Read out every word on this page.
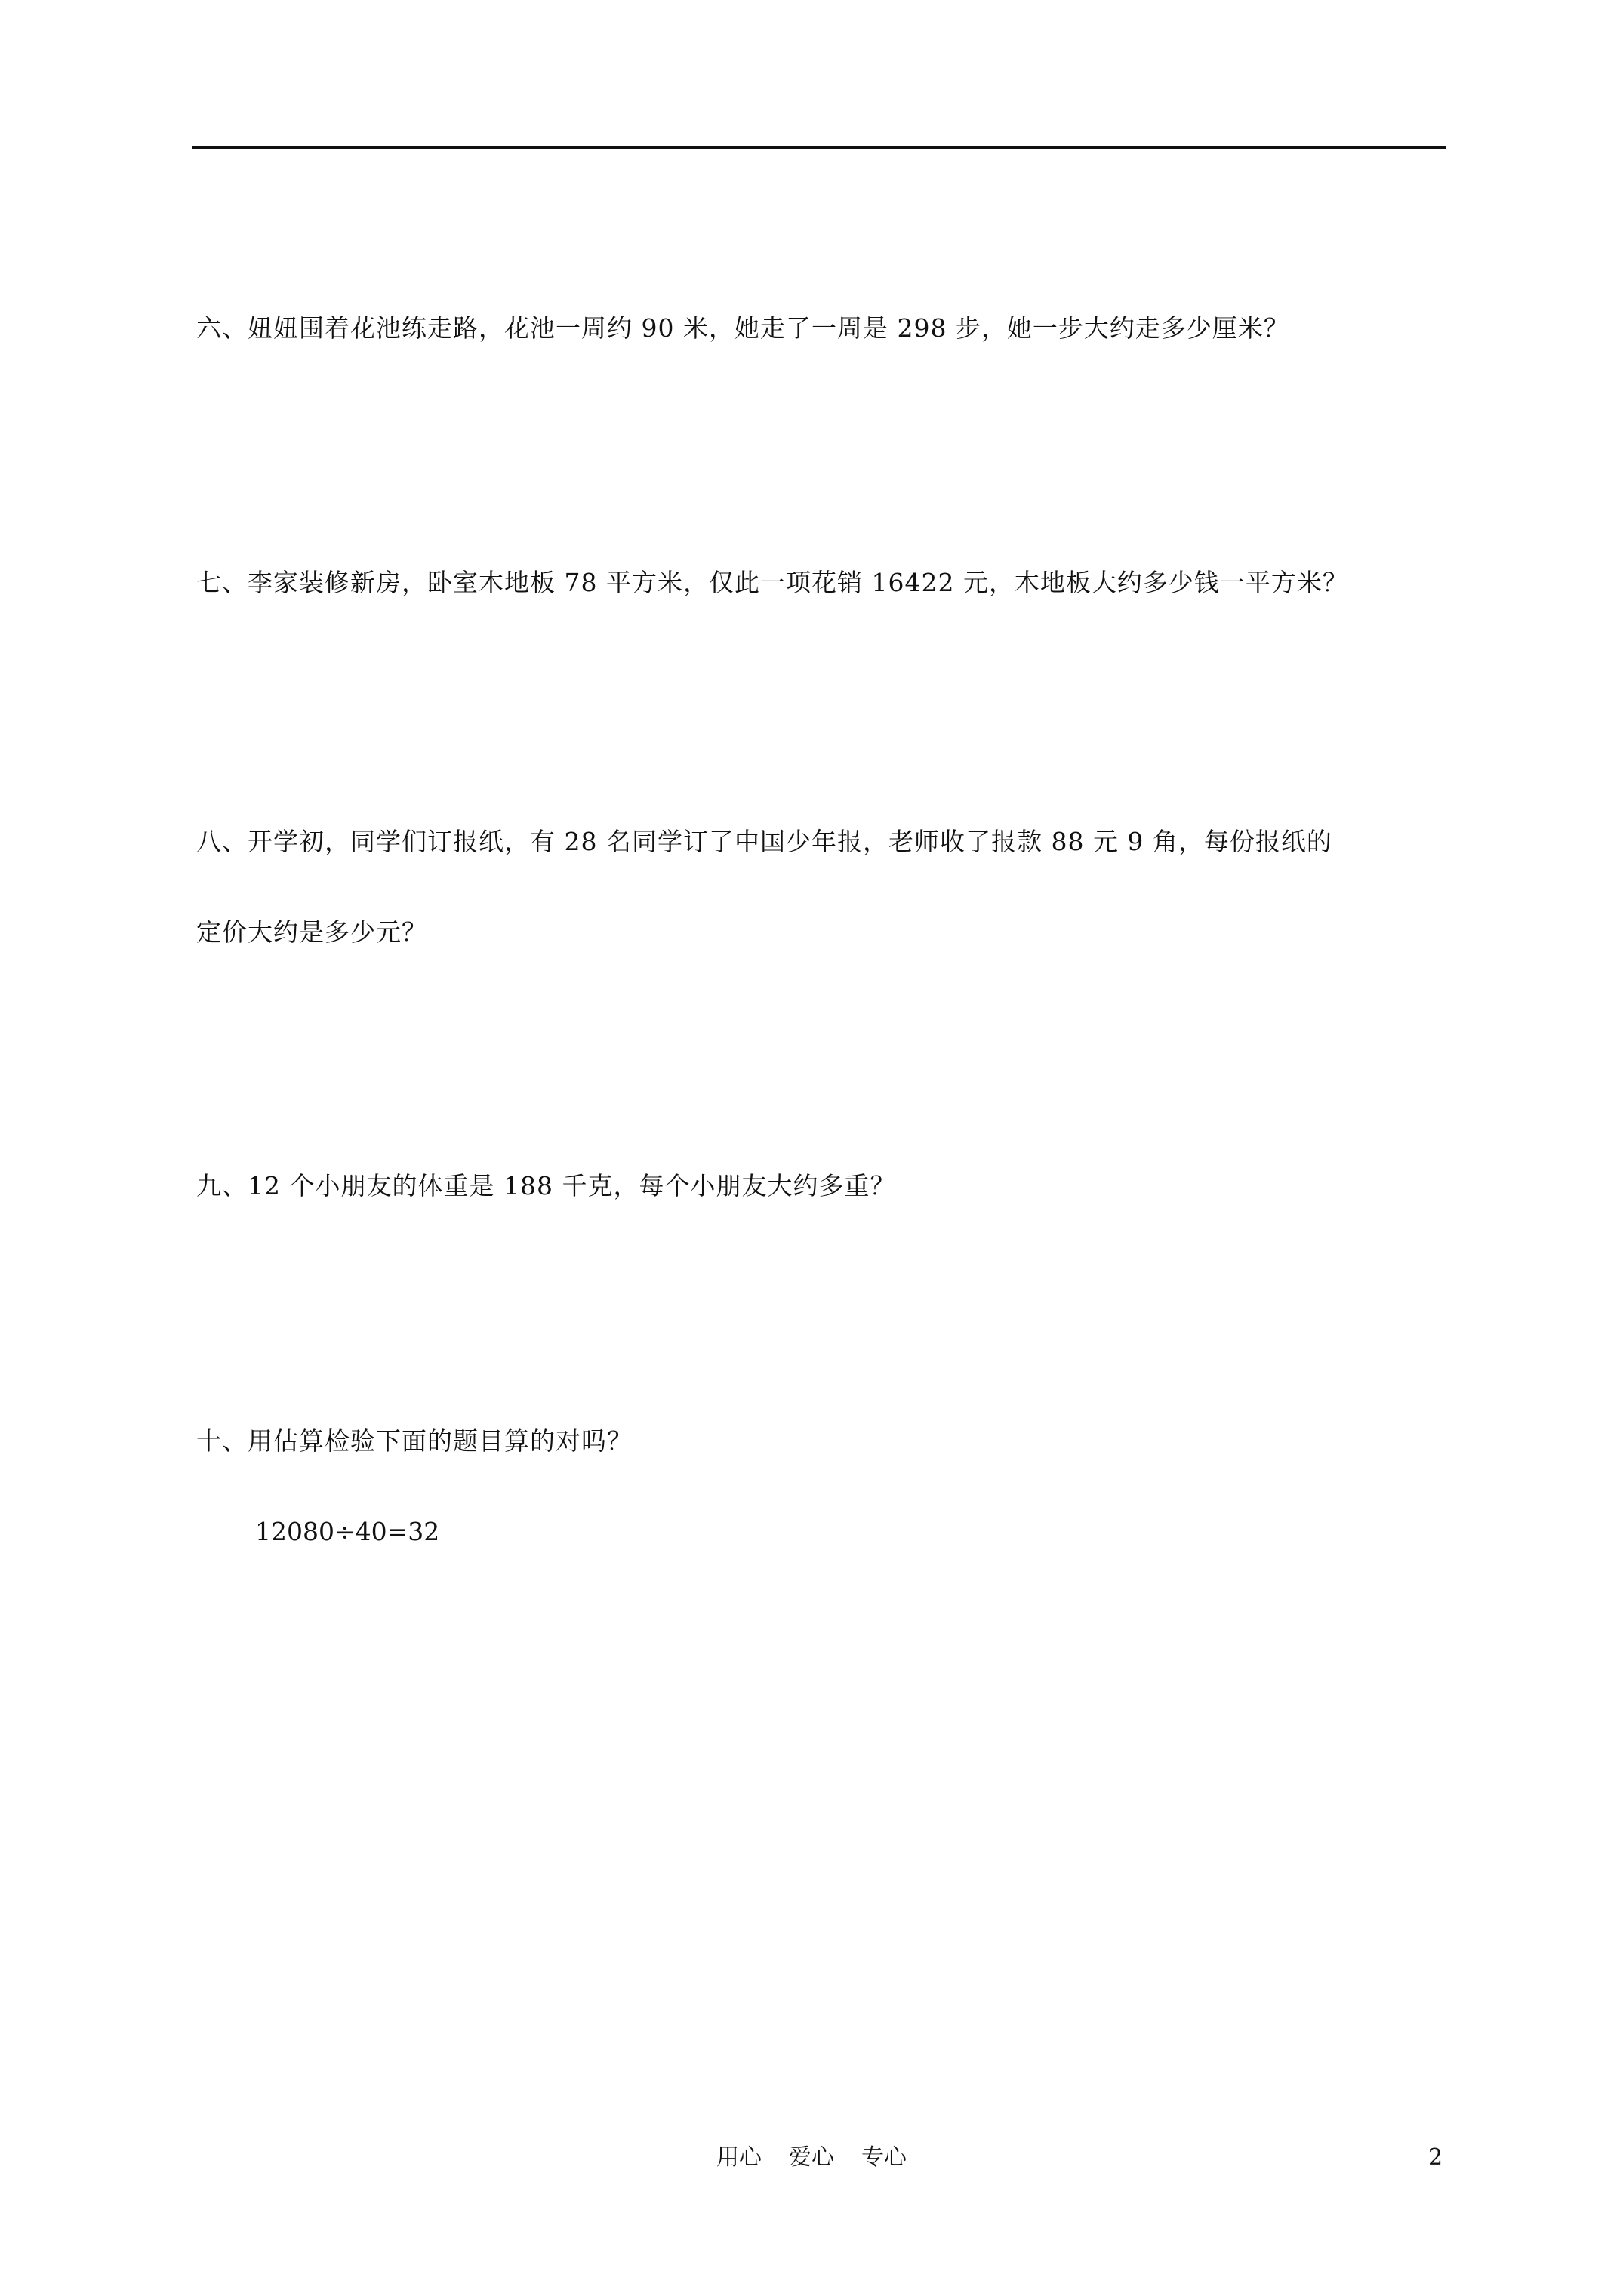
六、妞妞围着花池练走路，花池一周约 90 米，她走了一周是 298 步，她一步大约走多少厘米？
七、李家装修新房，卧室木地板 78 平方米，仅此一项花销 16422 元，木地板大约多少钱一平方米？
八、开学初，同学们订报纸，有 28 名同学订了中国少年报，老师收了报款 88 元 9 角，每份报纸的
定价大约是多少元？
九、12 个小朋友的体重是 188 千克，每个小朋友大约多重？
十、用估算检验下面的题目算的对吗？
12080÷40=32
用心 爱心 专心	2
